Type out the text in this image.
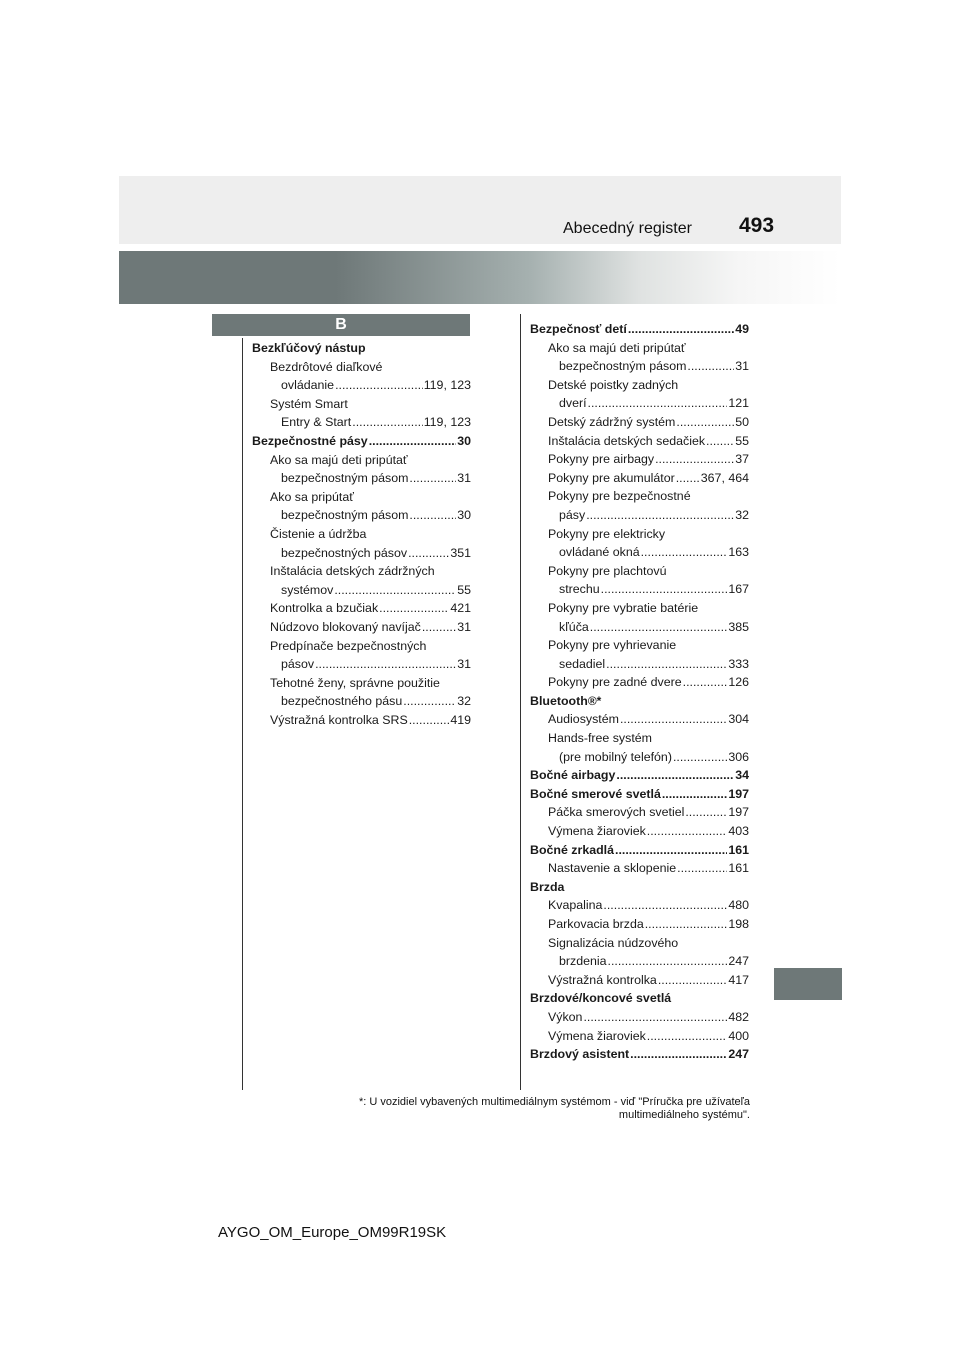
Abecedný register 493
B
Bezkľúčový nástup
Bezdrôtové diaľkové
ovládanie .....	119, 123
Systém Smart
Entry & Start .....	119, 123
Bezpečnostné pásy .....	30
Ako sa majú deti pripútať
bezpečnostným pásom .....	31
Ako sa pripútať
bezpečnostným pásom .....	30
Čistenie a údržba
bezpečnostných pásov .....	351
Inštalácia detských zádržných
systémov .....	55
Kontrolka a bzučiak .....	421
Núdzovo blokovaný navíjač .....	31
Predpínače bezpečnostných
pásov .....	31
Tehotné ženy, správne použitie
bezpečnostného pásu .....	32
Výstražná kontrolka SRS .....	419
Bezpečnosť detí .....	49
Ako sa majú deti pripútať
bezpečnostným pásom .....	31
Detské poistky zadných
dverí .....	121
Detský zádržný systém .....	50
Inštalácia detských sedačiek ..... 55
Pokyny pre airbagy .....	37
Pokyny pre akumulátor ..... 367, 464
Pokyny pre bezpečnostné
pásy .....	32
Pokyny pre elektricky
ovládané okná .....	163
Pokyny pre plachtovú
strechu .....	167
Pokyny pre vybratie batérie
kľúča .....	385
Pokyny pre vyhrievanie
sedadiel .....	333
Pokyny pre zadné dvere .....	126
Bluetooth ®*
Audiosystém .....	304
Hands-free systém
(pre mobilný telefón) .....	306
Bočné airbagy .....	34
Bočné smerové svetlá .....	197
Páčka smerových svetiel .....	197
Výmena žiaroviek .....	403
Bočné zrkadlá .....	161
Nastavenie a sklopenie .....	161
Brzda
Kvapalina .....	480
Parkovacia brzda .....	198
Signalizácia núdzového
brzdenia .....	247
Výstražná kontrolka .....	417
Brzdové/koncové svetlá
Výkon .....	482
Výmena žiaroviek .....	400
Brzdový asistent .....	247
*: U vozidiel vybavených multimediálnym systémom - viď "Príručka pre užívateľa
multimediálneho systému".
AYGO_OM_Europe_OM99R19SK
